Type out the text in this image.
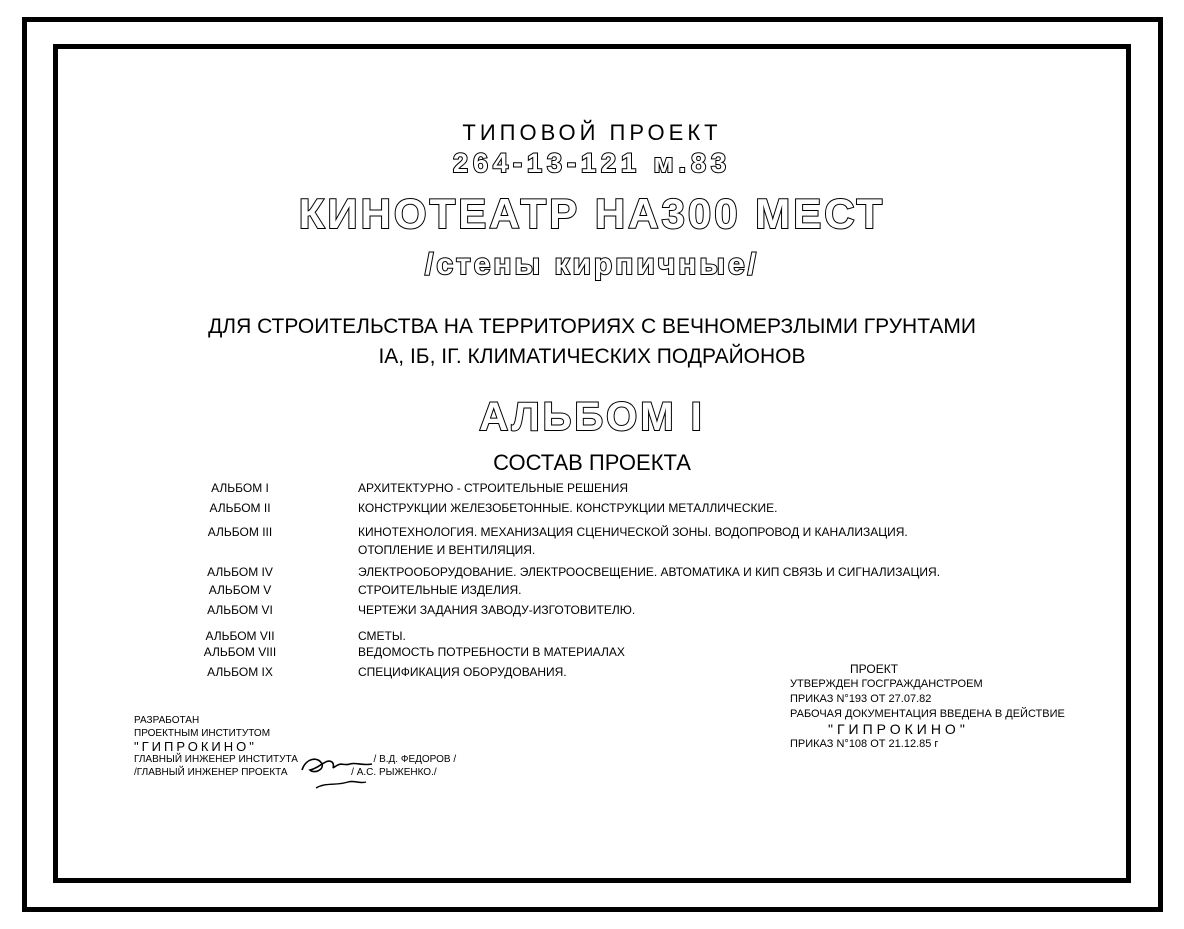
ТИПОВОЙ ПРОЕКТ
264-13-121 м.83
КИНОТЕАТР НА300 МЕСТ
/стены кирпичные/
ДЛЯ СТРОИТЕЛЬСТВА НА ТЕРРИТОРИЯХ С ВЕЧНОМЕРЗЛЫМИ ГРУНТАМИ
IA, IБ, IГ. КЛИМАТИЧЕСКИХ ПОДРАЙОНОВ
АЛЬБОМ I
СОСТАВ ПРОЕКТА
АЛЬБОМ I	АРХИТЕКТУРНО - СТРОИТЕЛЬНЫЕ РЕШЕНИЯ
АЛЬБОМ II	КОНСТРУКЦИИ ЖЕЛЕЗОБЕТОННЫЕ. КОНСТРУКЦИИ МЕТАЛЛИЧЕСКИЕ.
АЛЬБОМ III	КИНОТЕХНОЛОГИЯ. МЕХАНИЗАЦИЯ СЦЕНИЧЕСКОЙ ЗОНЫ. ВОДОПРОВОД И КАНАЛИЗАЦИЯ.
ОТОПЛЕНИЕ И ВЕНТИЛЯЦИЯ.
АЛЬБОМ IV	ЭЛЕКТРООБОРУДОВАНИЕ. ЭЛЕКТРООСВЕЩЕНИЕ. АВТОМАТИКА И КИП СВЯЗЬ И СИГНАЛИЗАЦИЯ.
АЛЬБОМ V	СТРОИТЕЛЬНЫЕ ИЗДЕЛИЯ.
АЛЬБОМ VI	ЧЕРТЕЖИ ЗАДАНИЯ ЗАВОДУ-ИЗГОТОВИТЕЛЮ.
АЛЬБОМ VII	СМЕТЫ.
АЛЬБОМ VIII	ВЕДОМОСТЬ ПОТРЕБНОСТИ В МАТЕРИАЛАХ
АЛЬБОМ IX	СПЕЦИФИКАЦИЯ ОБОРУДОВАНИЯ.	ПРОЕКТ
УТВЕРЖДЕН ГОСГРАЖДАНСТРОЕМ
ПРИКАЗ N°193 ОТ 27.07.82
РАБОЧАЯ ДОКУМЕНТАЦИЯ ВВЕДЕНА В ДЕЙСТВИЕ
"ГИПРОКИНО"
ПРИКАЗ N°108 ОТ 21.12.85 г
РАЗРАБОТАН
ПРОЕКТНЫМ ИНСТИТУТОМ
"ГИПРОКИНО"
ГЛАВНЫЙ ИНЖЕНЕР ИНСТИТУТА	/ В.Д. ФЕДОРОВ /
/ГЛАВНЫЙ ИНЖЕНЕР ПРОЕКТА	/ А.С. РЫЖЕНКО./
